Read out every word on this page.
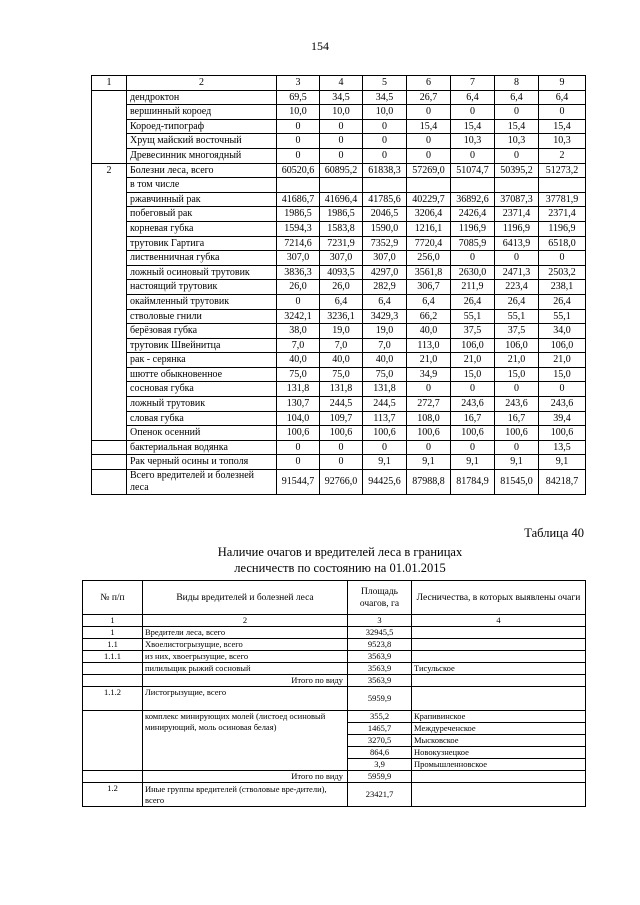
154
1	2	3	4	5	6	7	8	9
	дендроктон	69,5	34,5	34,5	26,7	6,4	6,4	6,4
	вершинный корoед	10,0	10,0	10,0	0	0	0	0
	Короед-типограф	0	0	0	15,4	15,4	15,4	15,4
	Хрущ майский восточный	0	0	0	0	10,3	10,3	10,3
	Древесинник многоядный	0	0	0	0	0	0	2
2	Болезни леса, всего	60520,6	60895,2	61838,3	57269,0	51074,7	50395,2	51273,2
	в том числе							
	ржавчинный рак	41686,7	41696,4	41785,6	40229,7	36892,6	37087,3	37781,9
	побеговый рак	1986,5	1986,5	2046,5	3206,4	2426,4	2371,4	2371,4
	корневая губка	1594,3	1583,8	1590,0	1216,1	1196,9	1196,9	1196,9
	трутовик Гартига	7214,6	7231,9	7352,9	7720,4	7085,9	6413,9	6518,0
	лиственничная губка	307,0	307,0	307,0	256,0	0	0	0
	ложный осиновый трутовик	3836,3	4093,5	4297,0	3561,8	2630,0	2471,3	2503,2
	настоящий трутовик	26,0	26,0	282,9	306,7	211,9	223,4	238,1
	окаймленный трутовик	0	6,4	6,4	6,4	26,4	26,4	26,4
	стволовые гнили	3242,1	3236,1	3429,3	66,2	55,1	55,1	55,1
	берёзовая губка	38,0	19,0	19,0	40,0	37,5	37,5	34,0
	трутовик Швейнитца	7,0	7,0	7,0	113,0	106,0	106,0	106,0
	рак - серянка	40,0	40,0	40,0	21,0	21,0	21,0	21,0
	шютте обыкновенное	75,0	75,0	75,0	34,9	15,0	15,0	15,0
	сосновая губка	131,8	131,8	131,8	0	0	0	0
	ложный трутовик	130,7	244,5	244,5	272,7	243,6	243,6	243,6
	словая губка	104,0	109,7	113,7	108,0	16,7	16,7	39,4
	Опенок осенний	100,6	100,6	100,6	100,6	100,6	100,6	100,6
	бактериальная водянка	0	0	0	0	0	0	13,5
	Рак черный осины и тополя	0	0	9,1	9,1	9,1	9,1	9,1
	Всего вредителей и болезней леса	91544,7	92766,0	94425,6	87988,8	81784,9	81545,0	84218,7
Таблица 40
Наличие очагов и вредителей леса в границах
лесничеств по состоянию на 01.01.2015
№ п/п	Виды вредителей и болезней леса	Площадь очагов, га	Лесничества, в которых выявлены очаги
1	2	3	4
1	Вредители леса, всего	32945,5	
1.1	Хвоелистогрызущие, всего	9523,8	
1.1.1	из них, хвоегрызущие, всего	3563,9	
	пилильщик рыжий сосновый	3563,9	Тисульское
	Итого по виду	3563,9	
1.1.2	Листогрызущие, всего	5959,9	
	комплекс минирующих молей (листоед осиновый минирующий, моль осиновая белая)	355,2	Крапивинское
		1465,7	Междуреченское
		3270,5	Мысковское
		864,6	Новокузнецкое
		3,9	Промышленновское
	Итого по виду	5959,9	
1.2	Иные группы вредителей (стволовые вре-дители), всего	23421,7	
